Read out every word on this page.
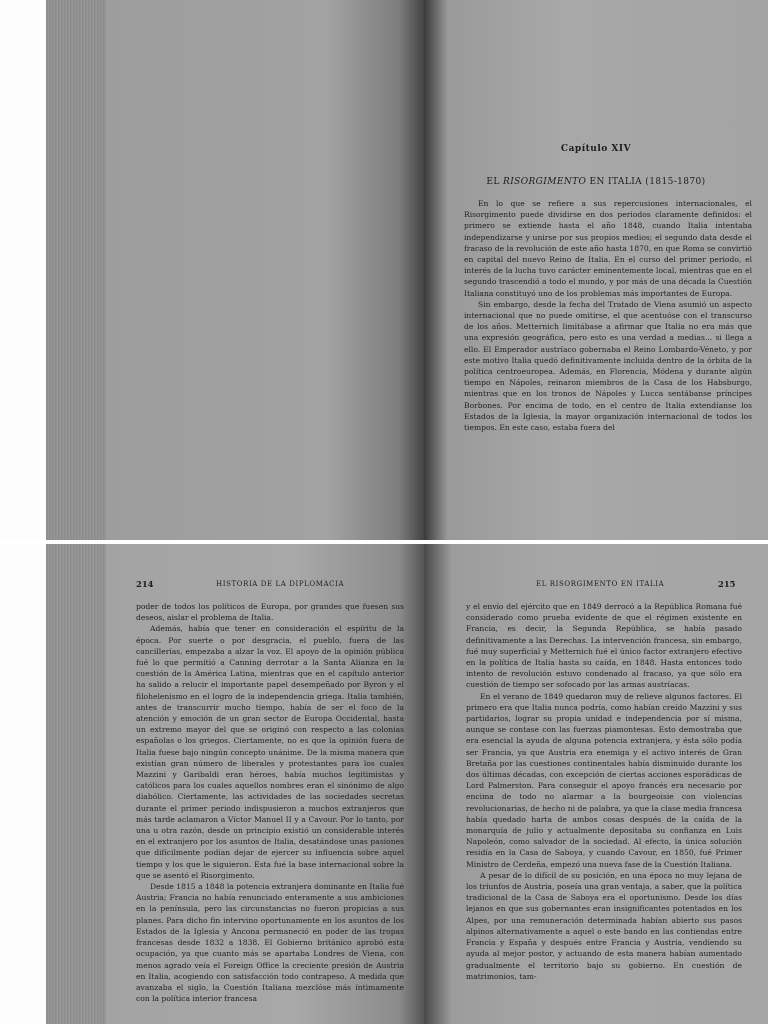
Capítulo XIV
EL RISORGIMENTO EN ITALIA (1815-1870)

En lo que se refiere a sus repercusiones internacionales, el Risorgimento puede dividirse en dos periodos claramente definidos: el primero se extiende hasta el año 1848, cuando Italia intentaba independizarse y unirse por sus propios medios; el segundo data desde el fracaso de la revolución de este año hasta 1870, en que Roma se convirtió en capital del nuevo Reino de Italia. En el curso del primer periodo, el interés de la lucha tuvo carácter eminentemente local, mientras que en el segundo trascendió a todo el mundo, y por más de una década la Cuestión Italiana constituyó uno de los problemas más importantes de Europa.

Sin embargo, desde la fecha del Tratado de Viena asumió un aspecto internacional que no puede omitirse, el que acentuóse con el transcurso de los años. Metternich limitábase a afirmar que Italia no era más que una expresión geográfica, pero esto es una verdad a medias... si llega a ello. El Emperador austríaco gobernaba el Reino Lombardo-Véneto, y por este motivo Italia quedó definitivamente incluida dentro de la órbita de la política centroeuropea. Además, en Florencia, Módena y durante algún tiempo en Nápoles, reinaron miembros de la Casa de los Habsburgo, mientras que en los tronos de Nápoles y Lucca sentábanse príncipes Borbones. Por encima de todo, en el centro de Italia extendíanse los Estados de la Iglesia, la mayor organización internacional de todos los tiempos. En este caso, estaba fuera del

214	HISTORIA DE LA DIPLOMACIA	EL RISORGIMENTO EN ITALIA	215

poder de todos los políticos de Europa, por grandes que fuesen sus deseos, aislar el problema de Italia.

Además, había que tener en consideración el espíritu de la época. Por suerte o por desgracia, el pueblo, fuera de las cancillerías, empezaba a alzar la voz. El apoyo de la opinión pública fué lo que permitió a Canning derrotar a la Santa Alianza en la cuestión de la América Latina, mientras que en el capítulo anterior ha salido a relucir el importante papel desempeñado por Byron y el filohelenismo en el logro de la independencia griega. Italia también, antes de transcurrir mucho tiempo, había de ser el foco de la atención y emoción de un gran sector de Europa Occidental, hasta un extremo mayor del que se originó con respecto a las colonias españolas o los griegos. Ciertamente, no es que la opinión fuera de Italia fuese bajo ningún concepto unánime. De la misma manera que existían gran número de liberales y protestantes para los cuales Mazzini y Garibaldi eran héroes, había muchos legitimistas y católicos para los cuales aquellos nombres eran el sinónimo de algo diabólico. Ciertamente, las actividades de las sociedades secretas durante el primer periodo indispusieron a muchos extranjeros que más tarde aclamaron a Víctor Manuel II y a Cavour. Por lo tanto, por una u otra razón, desde un principio existió un considerable interés en el extranjero por los asuntos de Italia, desatándose unas pasiones que difícilmente podían dejar de ejercer su influencia sobre aquel tiempo y los que le siguieron. Esta fué la base internacional sobre la que se asentó el Risorgimento.

Desde 1815 a 1848 la potencia extranjera dominante en Italia fué Austria; Francia no había renunciado enteramente a sus ambiciones en la península, pero las circunstancias no fueron propicias a sus planes. Para dicho fin intervino oportunamente en los asuntos de los Estados de la Iglesia y Ancona permaneció en poder de las tropas francesas desde 1832 a 1838. El Gobierno británico aprobó esta ocupación, ya que cuanto más se apartaba Londres de Viena, con menos agrado veía el Foreign Office la creciente presión de Austria en Italia, acogiendo con satisfacción todo contrapeso. A medida que avanzaba el siglo, la Cuestión Italiana mezclóse más íntimamente con la política interior francesa

y el envío del ejército que en 1849 derrocó a la República Romana fué considerado como prueba evidente de que el régimen existente en Francia, es decir, la Segunda República, se había pasado definitivamente a las Derechas. La intervención francesa, sin embargo, fué muy superficial y Metternich fué el único factor extranjero efectivo en la política de Italia hasta su caída, en 1848. Hasta entonces todo intento de revolución estuvo condenado al fracaso, ya que sólo era cuestión de tiempo ser sofocado por las armas austríacas.

En el verano de 1849 quedaron muy de relieve algunos factores. El primero era que Italia nunca podría, como habían creído Mazzini y sus partidarios, lograr su propia unidad e independencia por sí misma, aunque se contase con las fuerzas piamontesas. Esto demostraba que era esencial la ayuda de alguna potencia extranjera, y ésta sólo podía ser Francia, ya que Austria era enemiga y el activo interés de Gran Bretaña por las cuestiones continentales había disminuido durante los dos últimas décadas, con excepción de ciertas acciones esporádicas de Lord Palmerston. Para conseguir el apoyo francés era necesario por encima de todo no alarmar a la bourgeoisie con violencias revolucionarias, de hecho ni de palabra, ya que la clase media francesa había quedado harta de ambos cosas después de la caída de la monarquía de julio y actualmente depositaba su confianza en Luis Napoleón, como salvador de la sociedad. Al efecto, la única solución residía en la Casa de Saboya, y cuando Cavour, en 1850, fué Primer Ministro de Cerdeña, empezó una nueva fase de la Cuestión Italiana.

A pesar de lo difícil de su posición, en una época no muy lejana de los triunfos de Austria, poseía una gran ventaja, a saber, que la política tradicional de la Casa de Saboya era el oportunismo. Desde los días lejanos en que sus gobernantes eran insignificantes potentados en los Alpes, por una remuneración determinada habían abierto sus pasos alpinos alternativamente a aquel o este bando en las contiendas entre Francia y España y después entre Francia y Austria, vendiendo su ayuda al mejor postor, y actuando de esta manera habían aumentado gradualmente el territorio bajo su gobierno. En cuestión de matrimonios, tam-
